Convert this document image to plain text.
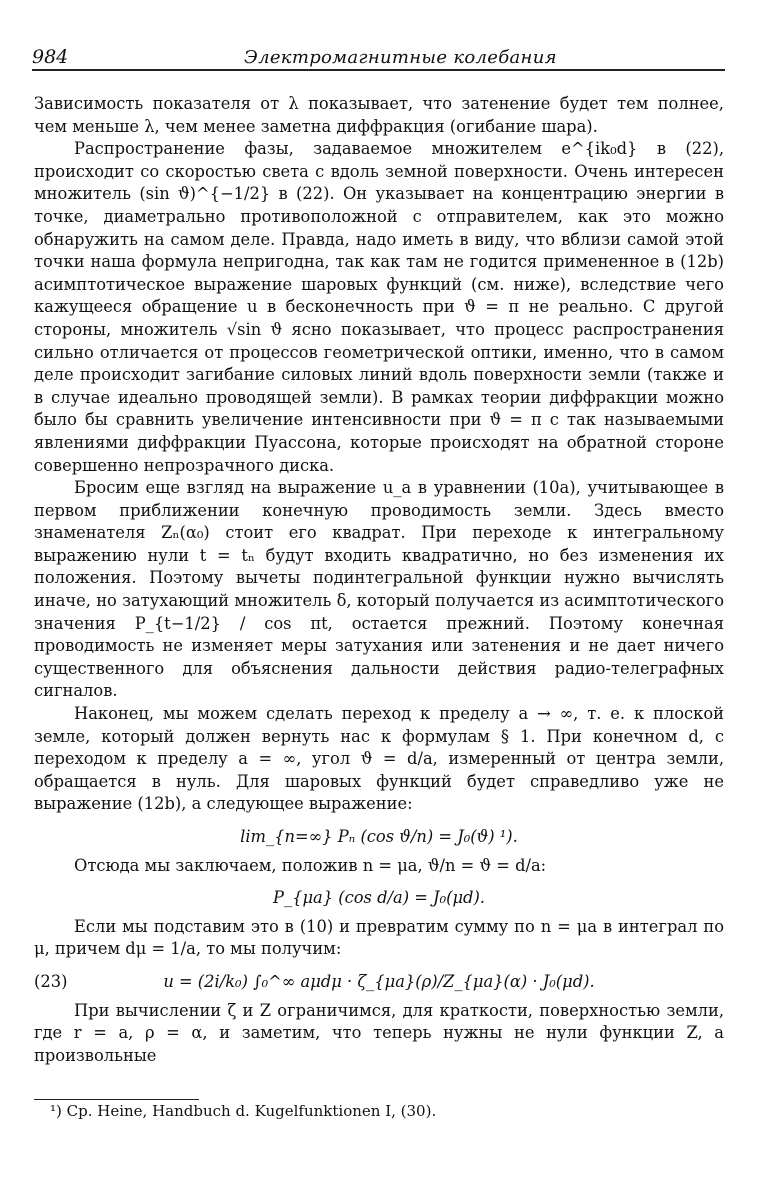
984	Электромагнитные колебания

Зависимость показателя от λ показывает, что затенение будет тем полнее, чем меньше λ, чем менее заметна диффракция (огибание шара).

Распространение фазы, задаваемое множителем e^{ik₀d} в (22), происходит со скоростью света c вдоль земной поверхности. Очень интересен множитель (sin ϑ)^{−1/2} в (22). Он указывает на концентрацию энергии в точке, диаметрально противоположной с отправителем, как это можно обнаружить на самом деле. Правда, надо иметь в виду, что вблизи самой этой точки наша формула непригодна, так как там не годится примененное в (12b) асимптотическое выражение шаровых функций (см. ниже), вследствие чего кажущееся обращение u в бесконечность при ϑ = π не реально. С другой стороны, множитель √sin ϑ ясно показывает, что процесс распространения сильно отличается от процессов геометрической оптики, именно, что в самом деле происходит загибание силовых линий вдоль поверхности земли (также и в случае идеально проводящей земли). В рамках теории диффракции можно было бы сравнить увеличение интенсивности при ϑ = π с так называемыми явлениями диффракции Пуассона, которые происходят на обратной стороне совершенно непрозрачного диска.

Бросим еще взгляд на выражение u_a в уравнении (10a), учитывающее в первом приближении конечную проводимость земли. Здесь вместо знаменателя Zₙ(α₀) стоит его квадрат. При переходе к интегральному выражению нули t = tₙ будут входить квадратично, но без изменения их положения. Поэтому вычеты подинтегральной функции нужно вычислять иначе, но затухающий множитель δ, который получается из асимптотического значения P_{t−1/2} / cos πt, остается прежний. Поэтому конечная проводимость не изменяет меры затухания или затенения и не дает ничего существенного для объяснения дальности действия радио-телеграфных сигналов.

Наконец, мы можем сделать переход к пределу a → ∞, т. е. к плоской земле, который должен вернуть нас к формулам § 1. При конечном d, с переходом к пределу a = ∞, угол ϑ = d/a, измеренный от центра земли, обращается в нуль. Для шаровых функций будет справедливо уже не выражение (12b), а следующее выражение:

lim_{n=∞} Pₙ (cos ϑ/n) = J₀(ϑ) ¹).

Отсюда мы заключаем, положив n = μa, ϑ/n = ϑ = d/a:

P_{μa} (cos d/a) = J₀(μd).

Если мы подставим это в (10) и превратим сумму по n = μa в интеграл по μ, причем dμ = 1/a, то мы получим:

(23)	u = (2i/k₀) ∫₀^∞ aμdμ · ζ_{μa}(ρ)/Z_{μa}(α) · J₀(μd).

При вычислении ζ и Z ограничимся, для краткости, поверхностью земли, где r = a, ρ = α, и заметим, что теперь нужны не нули функции Z, а произвольные

¹) Cp. Heine, Handbuch d. Kugelfunktionen I, (30).
